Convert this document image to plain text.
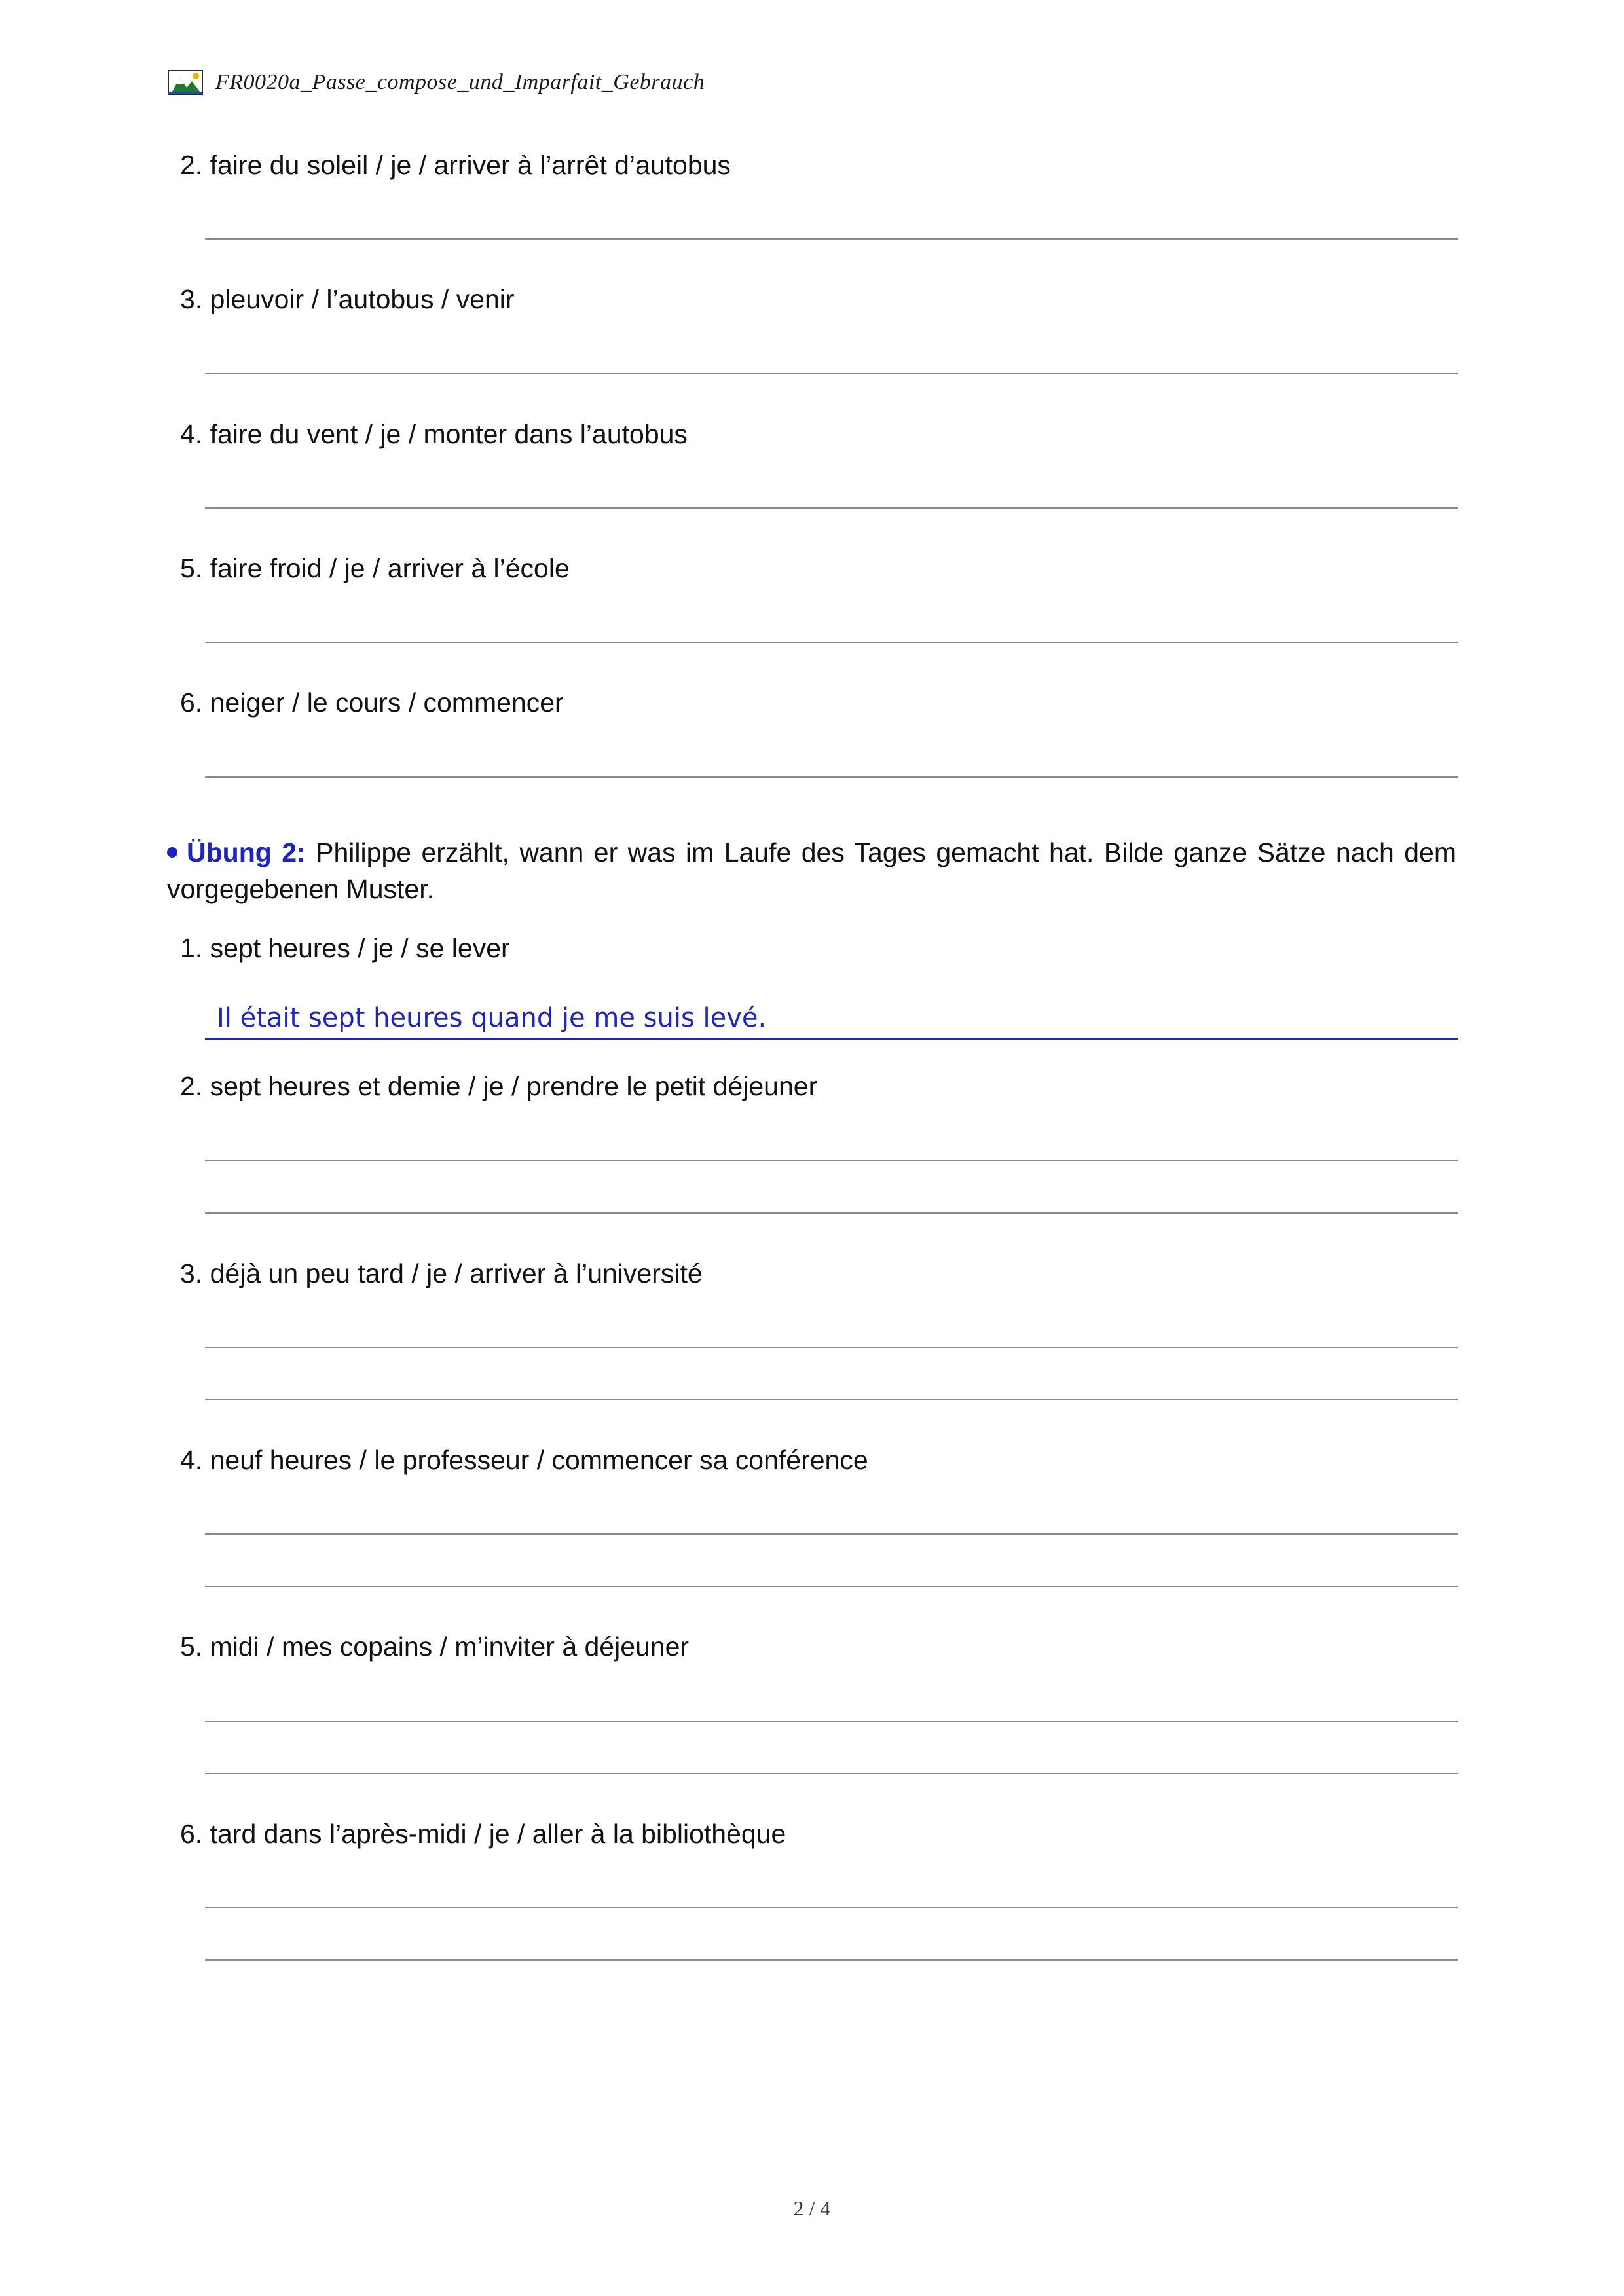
FR0020a_Passe_compose_und_Imparfait_Gebrauch
2. faire du soleil / je / arriver à l’arrêt d’autobus
3. pleuvoir / l’autobus / venir
4. faire du vent / je / monter dans l’autobus
5. faire froid / je / arriver à l’école
6. neiger / le cours / commencer
Übung 2: Philippe erzählt, wann er was im Laufe des Tages gemacht hat. Bilde ganze Sätze nach dem vorgegebenen Muster.
1. sept heures / je / se lever
Il était sept heures quand je me suis levé.
2. sept heures et demie / je / prendre le petit déjeuner
3. déjà un peu tard / je / arriver à l’université
4. neuf heures / le professeur / commencer sa conférence
5. midi / mes copains / m’inviter à déjeuner
6. tard dans l’après-midi / je / aller à la bibliothèque
2 / 4
